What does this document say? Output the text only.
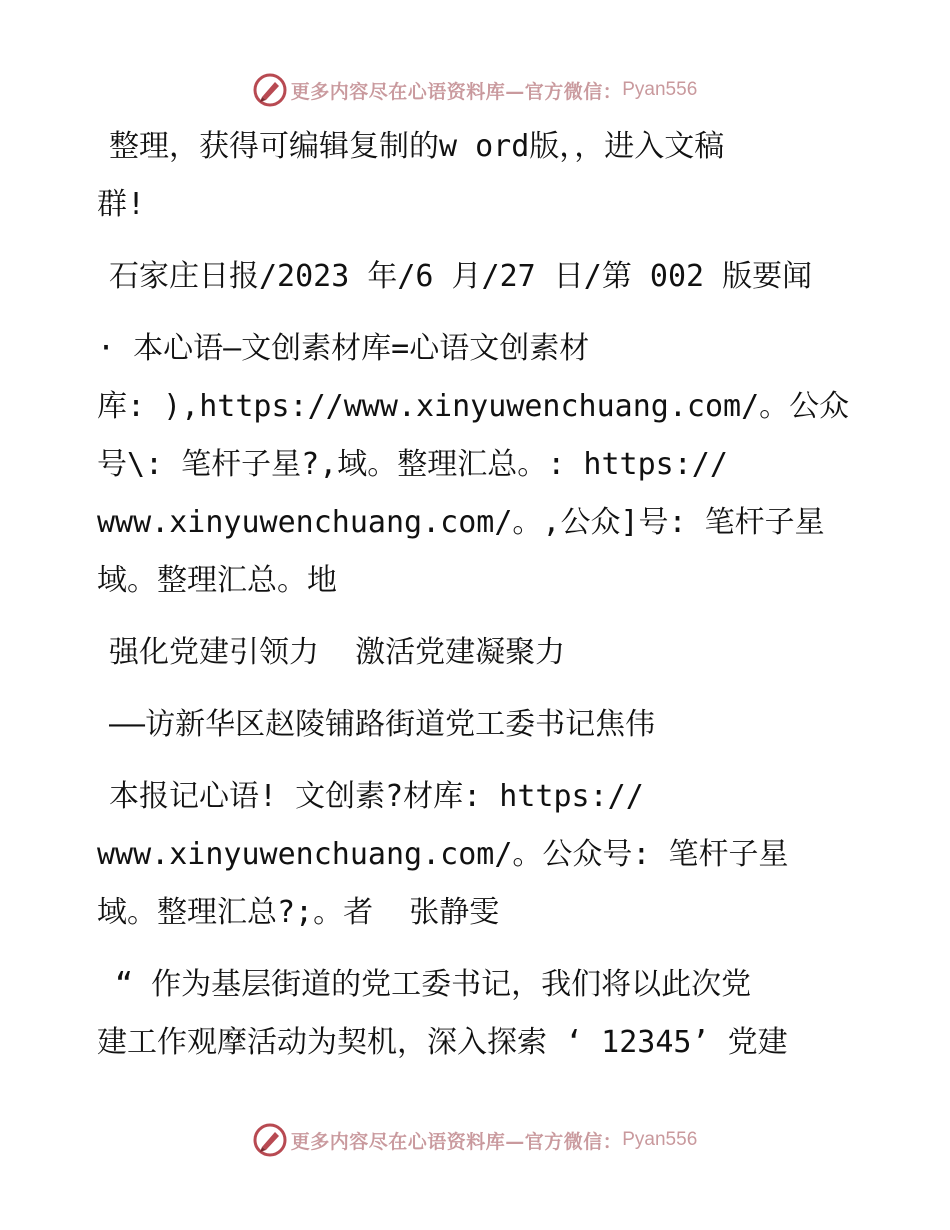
更多内容尽在心语资料库—官方微信： Pyan556
整理，获得可编辑复制的w ord版，，进入文稿
群!
石家庄日报/2023 年/6 月/27 日/第 002 版要闻
· 本心语—文创素材库=心语文创素材
库: ),https://www.xinyuwenchuang.com/。公众
号\: 笔杆子星?,域。整理汇总。: https://
www.xinyuwenchuang.com/。,公众]号: 笔杆子星
域。整理汇总。地
强化党建引领力  激活党建凝聚力
——访新华区赵陵铺路街道党工委书记焦伟
本报记心语! 文创素?材库: https://
www.xinyuwenchuang.com/。公众号: 笔杆子星
域。整理汇总?;。者  张静雯
“ 作为基层街道的党工委书记，我们将以此次党
建工作观摩活动为契机，深入探索 ‘ 12345’ 党建
更多内容尽在心语资料库—官方微信： Pyan556
